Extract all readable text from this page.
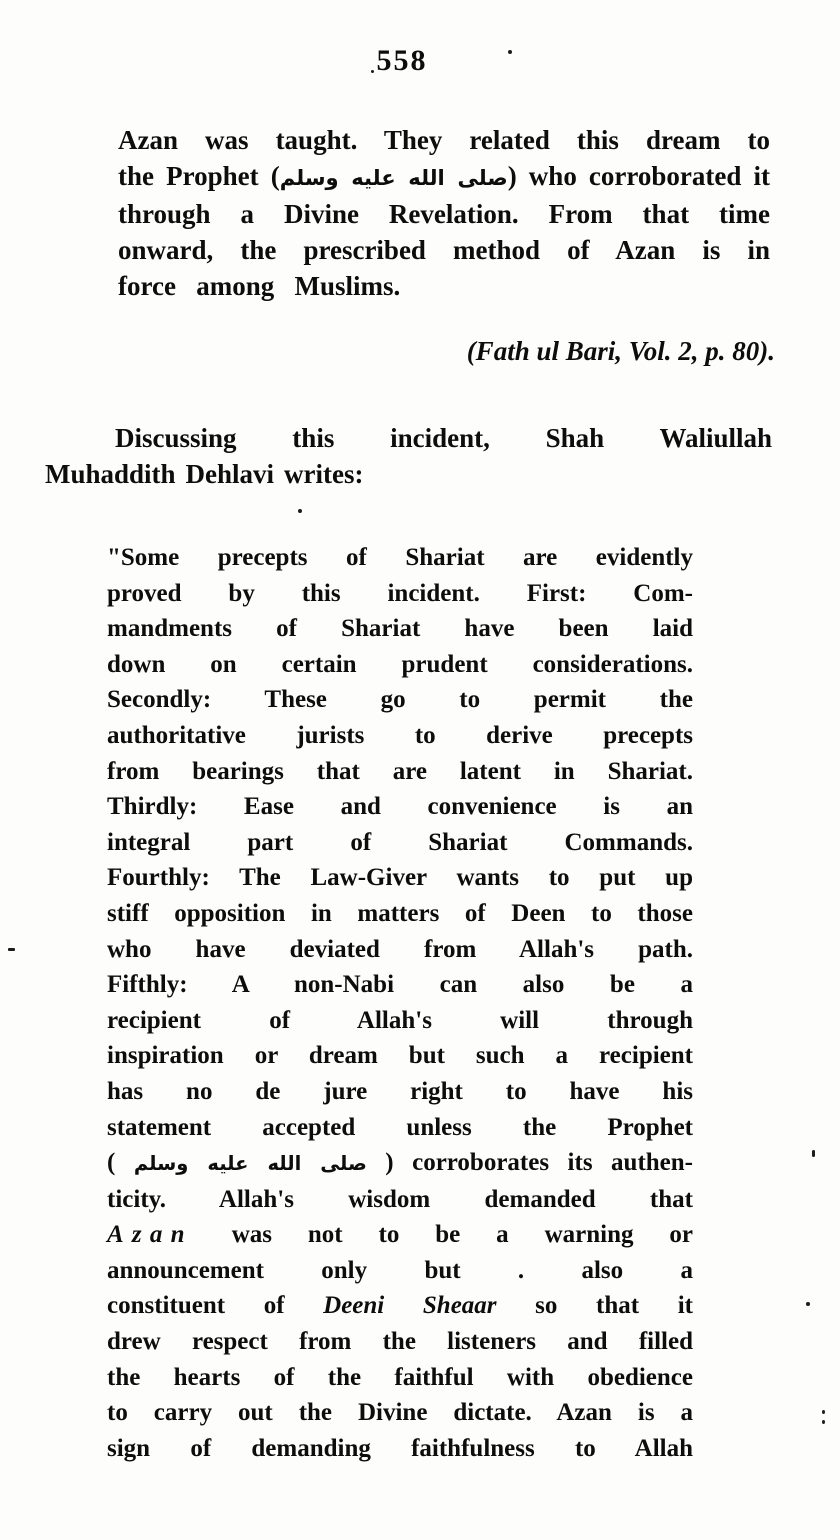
558
Azan was taught. They related this dream to
the Prophet (صلى الله عليه وسلم) who corroborated it
through a Divine Revelation. From that time
onward, the prescribed method of Azan is in
force among Muslims.
(Fath ul Bari, Vol. 2, p. 80).
Discussing this incident, Shah Waliullah
Muhaddith Dehlavi writes:
"Some precepts of Shariat are evidently
proved by this incident. First: Com-
mandments of Shariat have been laid
down on certain prudent considerations.
Secondly: These go to permit the
authoritative jurists to derive precepts
from bearings that are latent in Shariat.
Thirdly: Ease and convenience is an
integral part of Shariat Commands.
Fourthly: The Law-Giver wants to put up
stiff opposition in matters of Deen to those
who have deviated from Allah's path.
Fifthly: A non-Nabi can also be a
recipient of Allah's will through
inspiration or dream but such a recipient
has no de jure right to have his
statement accepted unless the Prophet
( صلى الله عليه وسلم ) corroborates its authen-
ticity. Allah's wisdom demanded that
Azan was not to be a warning or
announcement only but . also a
constituent of Deeni Sheaar so that it
drew respect from the listeners and filled
the hearts of the faithful with obedience
to carry out the Divine dictate. Azan is a
sign of demanding faithfulness to Allah
